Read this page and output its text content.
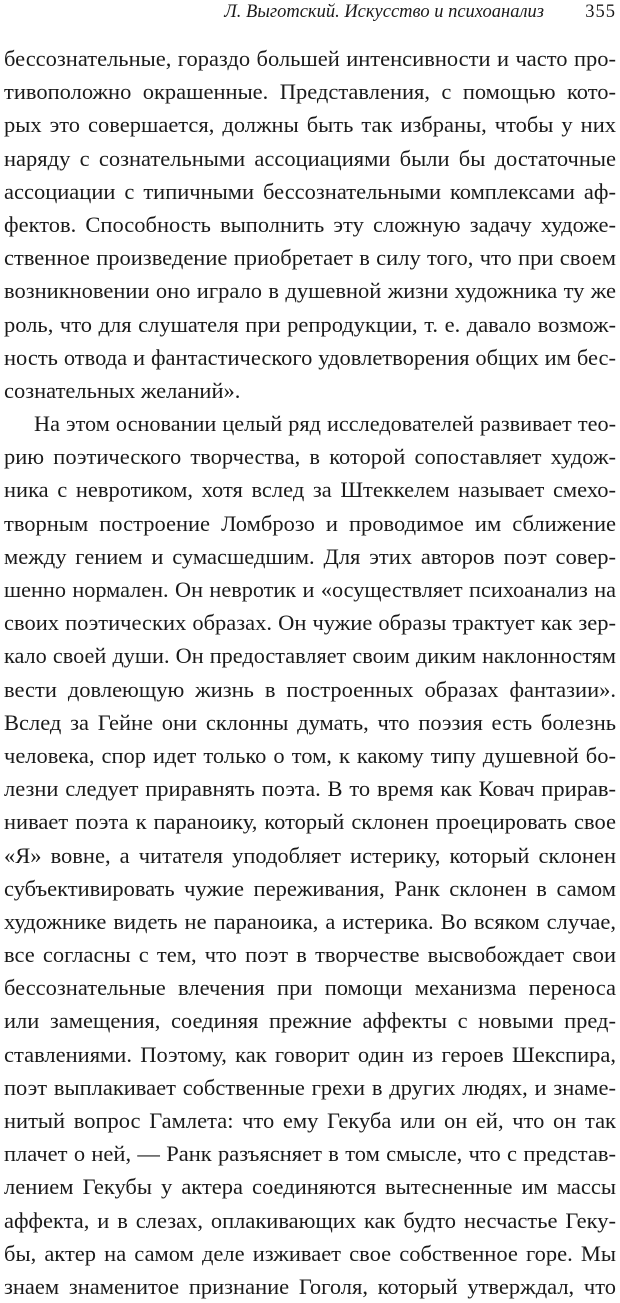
Л. Выготский. Искусство и психоанализ 355
бессознательные, гораздо большей интенсивности и часто про-
тивоположно окрашенные. Представления, с помощью кото-
рых это совершается, должны быть так избраны, чтобы у них
наряду с сознательными ассоциациями были бы достаточные
ассоциации с типичными бессознательными комплексами аф-
фектов. Способность выполнить эту сложную задачу художе-
ственное произведение приобретает в силу того, что при своем
возникновении оно играло в душевной жизни художника ту же
роль, что для слушателя при репродукции, т. е. давало возмож-
ность отвода и фантастического удовлетворения общих им бес-
сознательных желаний».
На этом основании целый ряд исследователей развивает тео-
рию поэтического творчества, в которой сопоставляет худож-
ника с невротиком, хотя вслед за Штеккелем называет смехо-
творным построение Ломброзо и проводимое им сближение
между гением и сумасшедшим. Для этих авторов поэт совер-
шенно нормален. Он невротик и «осуществляет психоанализ на
своих поэтических образах. Он чужие образы трактует как зер-
кало своей души. Он предоставляет своим диким наклонностям
вести довлеющую жизнь в построенных образах фантазии».
Вслед за Гейне они склонны думать, что поэзия есть болезнь
человека, спор идет только о том, к какому типу душевной бо-
лезни следует приравнять поэта. В то время как Ковач прирав-
нивает поэта к параноику, который склонен проецировать свое
«Я» вовне, а читателя уподобляет истерику, который склонен
субъективировать чужие переживания, Ранк склонен в самом
художнике видеть не параноика, а истерика. Во всяком случае,
все согласны с тем, что поэт в творчестве высвобождает свои
бессознательные влечения при помощи механизма переноса
или замещения, соединяя прежние аффекты с новыми пред-
ставлениями. Поэтому, как говорит один из героев Шекспира,
поэт выплакивает собственные грехи в других людях, и знаме-
нитый вопрос Гамлета: что ему Гекуба или он ей, что он так
плачет о ней, — Ранк разъясняет в том смысле, что с представ-
лением Гекубы у актера соединяются вытесненные им массы
аффекта, и в слезах, оплакивающих как будто несчастье Геку-
бы, актер на самом деле изживает свое собственное горе. Мы
знаем знаменитое признание Гоголя, который утверждал, что
